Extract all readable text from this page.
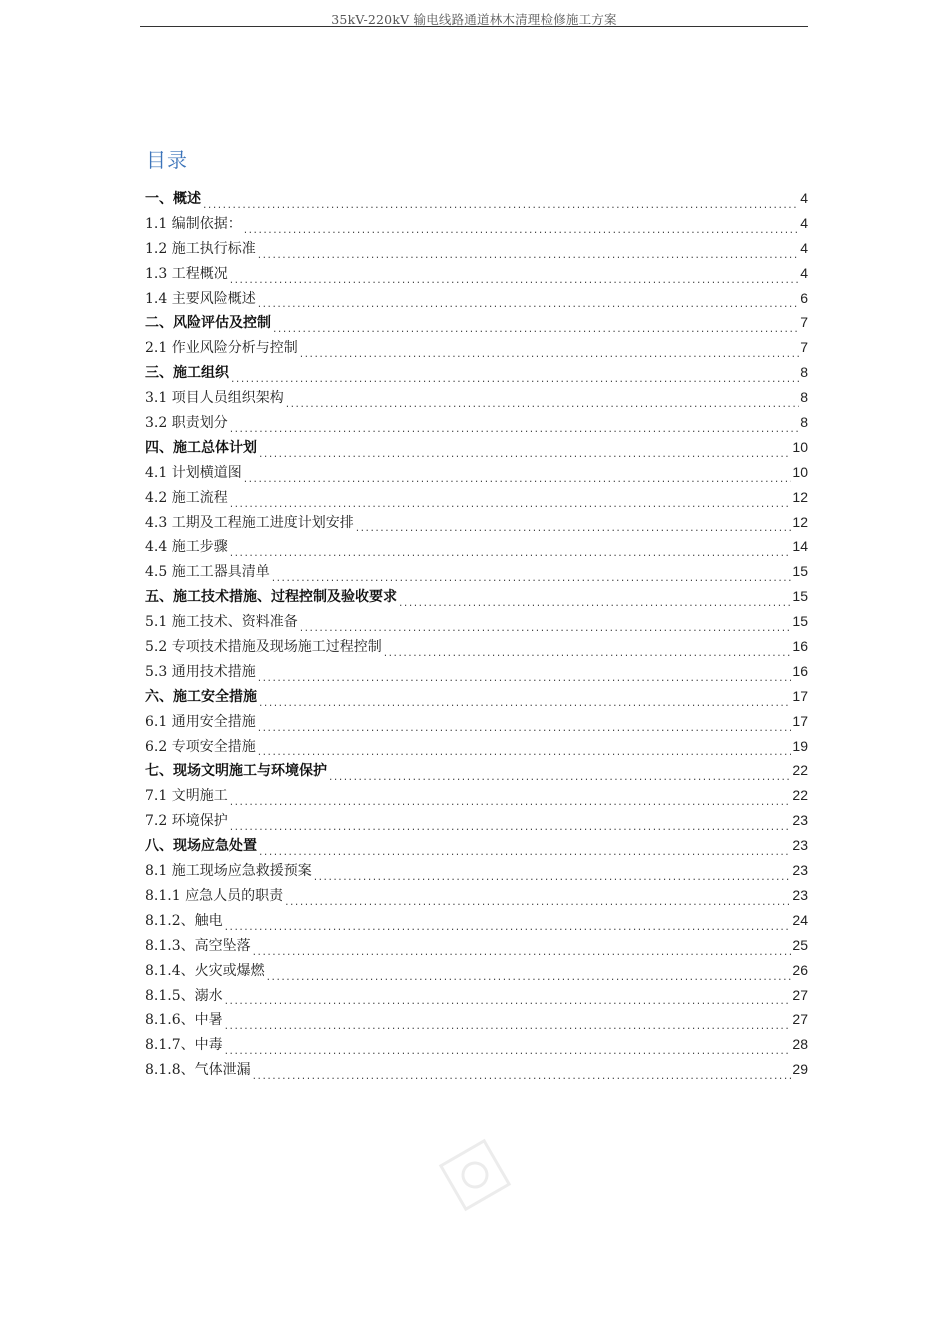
35kV-220kV 输电线路通道林木清理检修施工方案
目录
一、概述 .....	4
1.1 编制依据： .....	4
1.2 施工执行标准 .....	4
1.3 工程概况 .....	4
1.4 主要风险概述 .....	6
二、风险评估及控制 .....	7
2.1 作业风险分析与控制 .....	7
三、施工组织 .....	8
3.1 项目人员组织架构 .....	8
3.2 职责划分 .....	8
四、施工总体计划 .....	10
4.1 计划横道图 .....	10
4.2 施工流程 .....	12
4.3 工期及工程施工进度计划安排 .....	12
4.4 施工步骤 .....	14
4.5 施工工器具清单 .....	15
五、施工技术措施、过程控制及验收要求 .....	15
5.1 施工技术、资料准备 .....	15
5.2 专项技术措施及现场施工过程控制 .....	16
5.3 通用技术措施 .....	16
六、施工安全措施 .....	17
6.1 通用安全措施 .....	17
6.2 专项安全措施 .....	19
七、现场文明施工与环境保护 .....	22
7.1 文明施工 .....	22
7.2 环境保护 .....	23
八、现场应急处置 .....	23
8.1 施工现场应急救援预案 .....	23
8.1.1 应急人员的职责 .....	23
8.1.2、触电 .....	24
8.1.3、高空坠落 .....	25
8.1.4、火灾或爆燃 .....	26
8.1.5、溺水 .....	27
8.1.6、中暑 .....	27
8.1.7、中毒 .....	28
8.1.8、气体泄漏 .....	29
